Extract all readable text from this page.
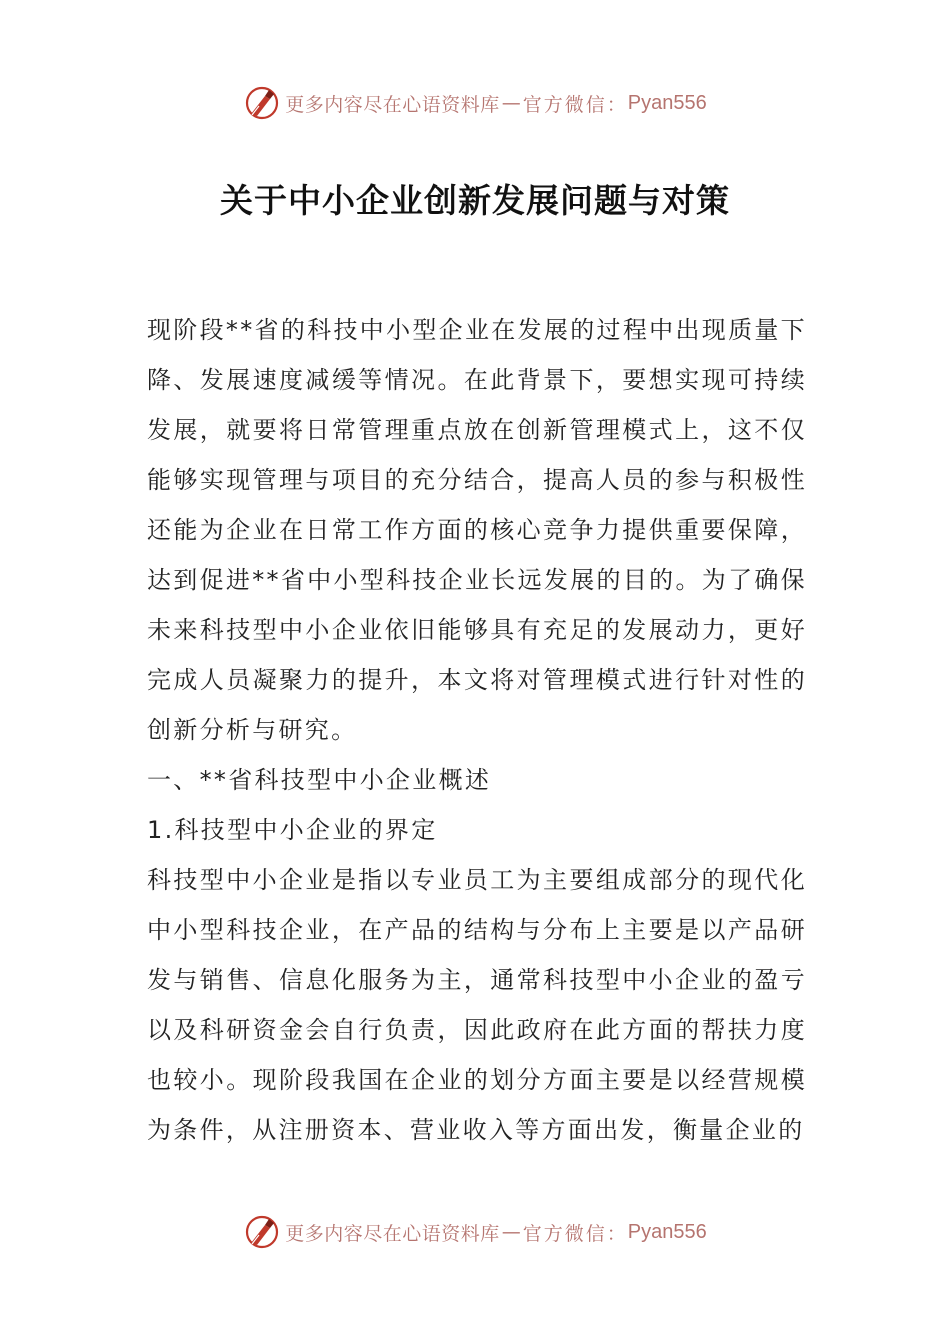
更多内容尽在心语资料库 — 官方微信： Pyan556
关于中小企业创新发展问题与对策

现阶段**省的科技中小型企业在发展的过程中出现质量下降、发展速度减缓等情况。在此背景下，要想实现可持续发展，就要将日常管理重点放在创新管理模式上，这不仅能够实现管理与项目的充分结合，提高人员的参与积极性还能为企业在日常工作方面的核心竞争力提供重要保障，达到促进**省中小型科技企业长远发展的目的。为了确保未来科技型中小企业依旧能够具有充足的发展动力，更好完成人员凝聚力的提升，本文将对管理模式进行针对性的创新分析与研究。

一、**省科技型中小企业概述

1.科技型中小企业的界定

科技型中小企业是指以专业员工为主要组成部分的现代化中小型科技企业，在产品的结构与分布上主要是以产品研发与销售、信息化服务为主，通常科技型中小企业的盈亏以及科研资金会自行负责，因此政府在此方面的帮扶力度也较小。现阶段我国在企业的划分方面主要是以经营规模为条件，从注册资本、营业收入等方面出发，衡量企业的

更多内容尽在心语资料库 — 官方微信： Pyan556
